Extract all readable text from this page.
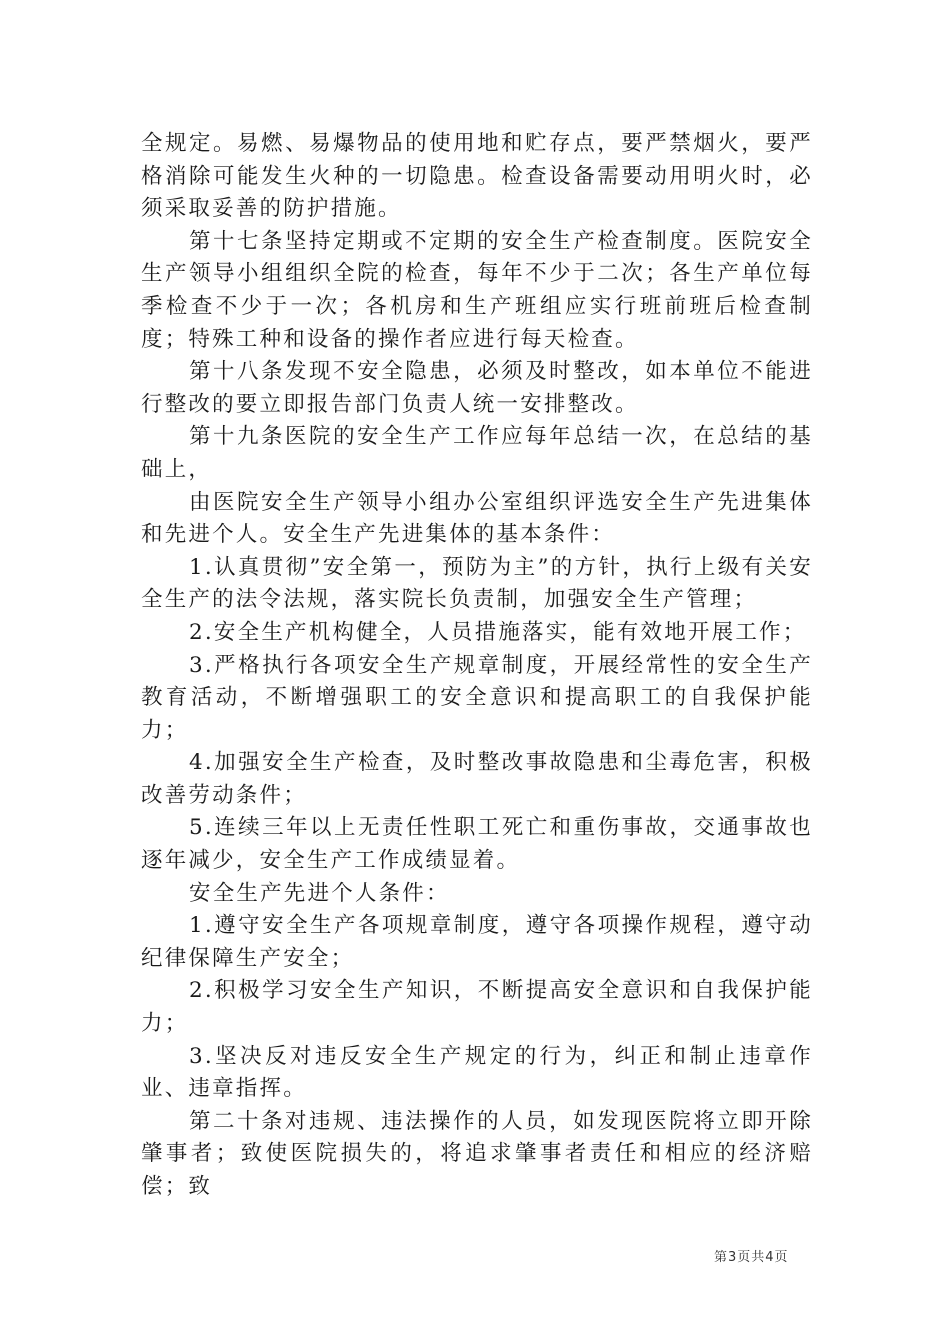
全规定。易燃、易爆物品的使用地和贮存点，要严禁烟火，要严格消除可能发生火种的一切隐患。检查设备需要动用明火时，必须采取妥善的防护措施。

第十七条坚持定期或不定期的安全生产检查制度。医院安全生产领导小组组织全院的检查，每年不少于二次；各生产单位每季检查不少于一次；各机房和生产班组应实行班前班后检查制度；特殊工种和设备的操作者应进行每天检查。

第十八条发现不安全隐患，必须及时整改，如本单位不能进行整改的要立即报告部门负责人统一安排整改。

第十九条医院的安全生产工作应每年总结一次，在总结的基础上，

由医院安全生产领导小组办公室组织评选安全生产先进集体和先进个人。安全生产先进集体的基本条件：

1.认真贯彻”安全第一，预防为主”的方针，执行上级有关安全生产的法令法规，落实院长负责制，加强安全生产管理；

2.安全生产机构健全，人员措施落实，能有效地开展工作；

3.严格执行各项安全生产规章制度，开展经常性的安全生产教育活动，不断增强职工的安全意识和提高职工的自我保护能力；

4.加强安全生产检查，及时整改事故隐患和尘毒危害，积极改善劳动条件；

5.连续三年以上无责任性职工死亡和重伤事故，交通事故也逐年减少，安全生产工作成绩显着。

安全生产先进个人条件：

1.遵守安全生产各项规章制度，遵守各项操作规程，遵守动纪律保障生产安全；

2.积极学习安全生产知识，不断提高安全意识和自我保护能力；

3.坚决反对违反安全生产规定的行为，纠正和制止违章作业、违章指挥。

第二十条对违规、违法操作的人员，如发现医院将立即开除肇事者；致使医院损失的，将追求肇事者责任和相应的经济赔偿；致

第3页共4页
